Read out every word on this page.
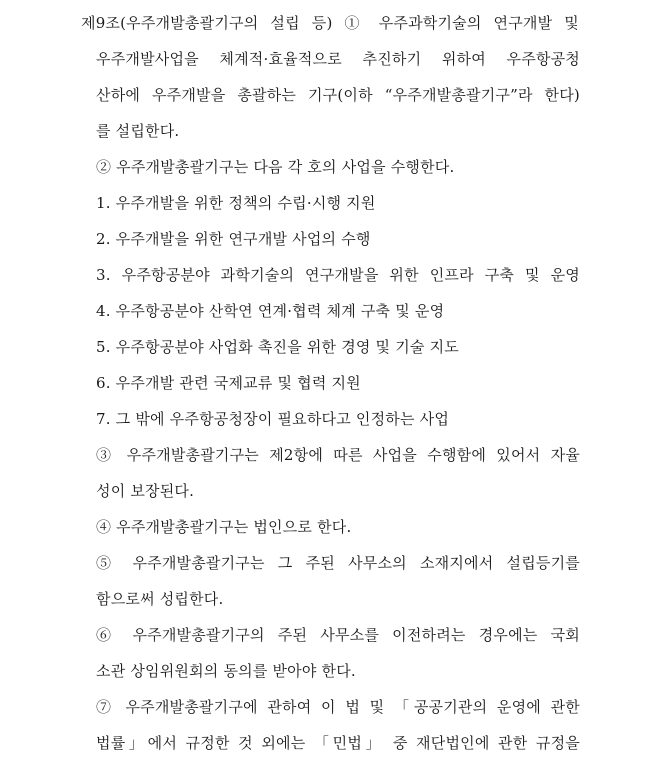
제9조(우주개발총괄기구의 설립 등) ① 우주과학기술의 연구개발 및
우주개발사업을 체계적·효율적으로 추진하기 위하여 우주항공청
산하에 우주개발을 총괄하는 기구(이하 “우주개발총괄기구”라 한다)
를 설립한다.
② 우주개발총괄기구는 다음 각 호의 사업을 수행한다.
1. 우주개발을 위한 정책의 수립·시행 지원
2. 우주개발을 위한 연구개발 사업의 수행
3. 우주항공분야 과학기술의 연구개발을 위한 인프라 구축 및 운영
4. 우주항공분야 산학연 연계·협력 체계 구축 및 운영
5. 우주항공분야 사업화 촉진을 위한 경영 및 기술 지도
6. 우주개발 관련 국제교류 및 협력 지원
7. 그 밖에 우주항공청장이 필요하다고 인정하는 사업
③ 우주개발총괄기구는 제2항에 따른 사업을 수행함에 있어서 자율
성이 보장된다.
④ 우주개발총괄기구는 법인으로 한다.
⑤ 우주개발총괄기구는 그 주된 사무소의 소재지에서 설립등기를
함으로써 성립한다.
⑥ 우주개발총괄기구의 주된 사무소를 이전하려는 경우에는 국회
소관 상임위원회의 동의를 받아야 한다.
⑦ 우주개발총괄기구에 관하여 이 법 및 「공공기관의 운영에 관한
법률」에서 규정한 것 외에는 「민법」 중 재단법인에 관한 규정을
